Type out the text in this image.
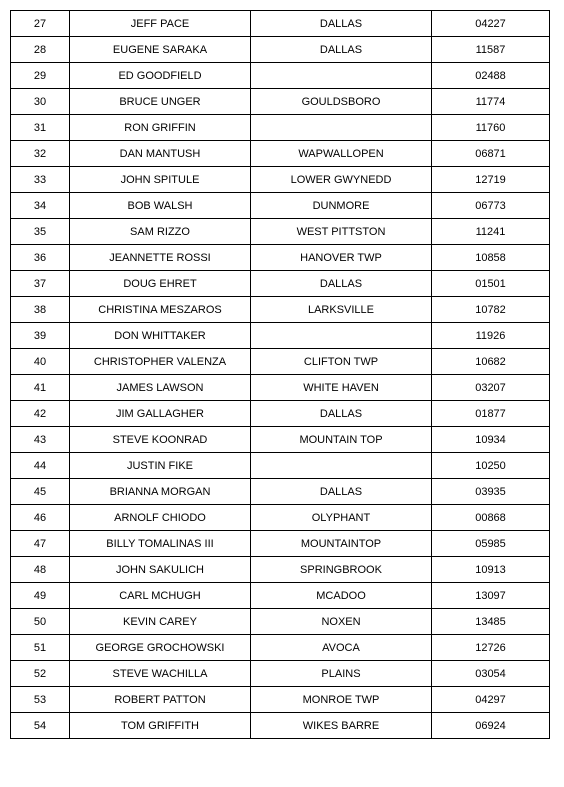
27	JEFF PACE	DALLAS	04227
28	EUGENE SARAKA	DALLAS	11587
29	ED GOODFIELD		02488
30	BRUCE UNGER	GOULDSBORO	11774
31	RON GRIFFIN		11760
32	DAN MANTUSH	WAPWALLOPEN	06871
33	JOHN SPITULE	LOWER GWYNEDD	12719
34	BOB WALSH	DUNMORE	06773
35	SAM RIZZO	WEST PITTSTON	11241
36	JEANNETTE ROSSI	HANOVER TWP	10858
37	DOUG EHRET	DALLAS	01501
38	CHRISTINA MESZAROS	LARKSVILLE	10782
39	DON WHITTAKER		11926
40	CHRISTOPHER VALENZA	CLIFTON TWP	10682
41	JAMES LAWSON	WHITE HAVEN	03207
42	JIM GALLAGHER	DALLAS	01877
43	STEVE KOONRAD	MOUNTAIN TOP	10934
44	JUSTIN FIKE		10250
45	BRIANNA MORGAN	DALLAS	03935
46	ARNOLF CHIODO	OLYPHANT	00868
47	BILLY TOMALINAS III	MOUNTAINTOP	05985
48	JOHN SAKULICH	SPRINGBROOK	10913
49	CARL MCHUGH	MCADOO	13097
50	KEVIN CAREY	NOXEN	13485
51	GEORGE GROCHOWSKI	AVOCA	12726
52	STEVE WACHILLA	PLAINS	03054
53	ROBERT PATTON	MONROE TWP	04297
54	TOM GRIFFITH	WIKES BARRE	06924
